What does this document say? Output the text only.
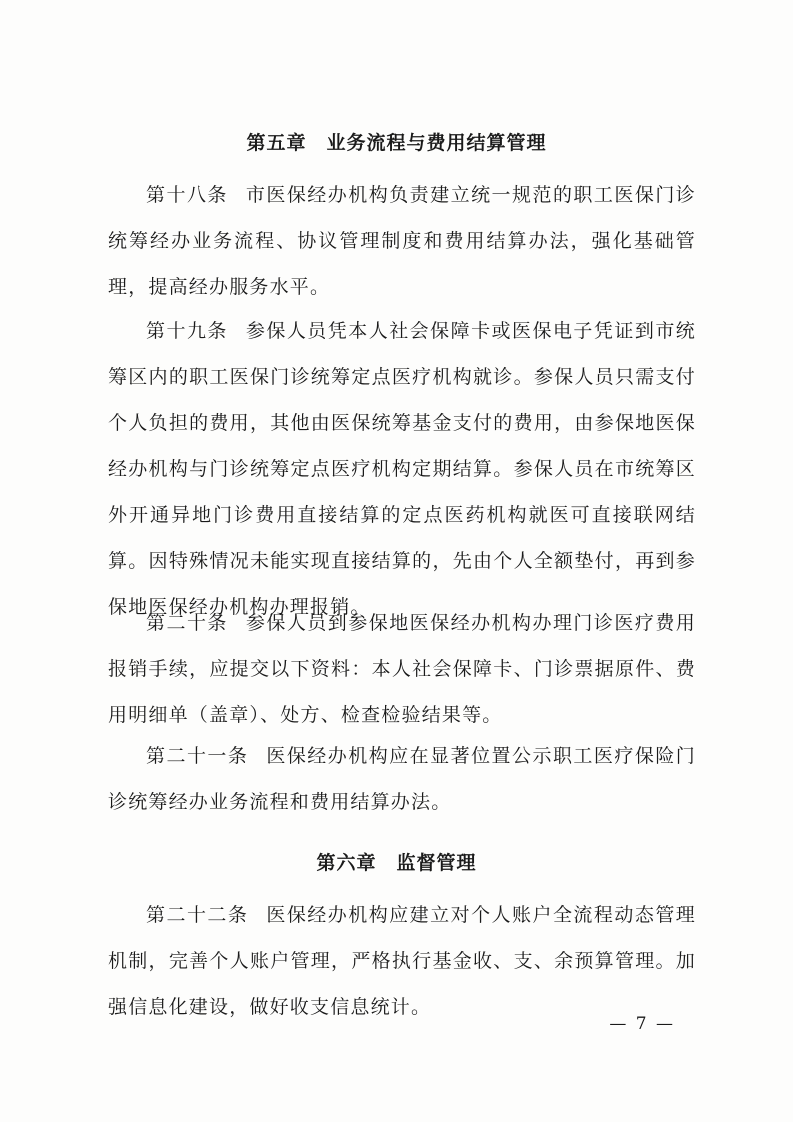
第五章 业务流程与费用结算管理
第十八条 市医保经办机构负责建立统一规范的职工医保门诊统筹经办业务流程、协议管理制度和费用结算办法，强化基础管理，提高经办服务水平。
第十九条 参保人员凭本人社会保障卡或医保电子凭证到市统筹区内的职工医保门诊统筹定点医疗机构就诊。参保人员只需支付个人负担的费用，其他由医保统筹基金支付的费用，由参保地医保经办机构与门诊统筹定点医疗机构定期结算。参保人员在市统筹区外开通异地门诊费用直接结算的定点医药机构就医可直接联网结算。因特殊情况未能实现直接结算的，先由个人全额垫付，再到参保地医保经办机构办理报销。
第二十条 参保人员到参保地医保经办机构办理门诊医疗费用报销手续，应提交以下资料：本人社会保障卡、门诊票据原件、费用明细单（盖章）、处方、检查检验结果等。
第二十一条 医保经办机构应在显著位置公示职工医疗保险门诊统筹经办业务流程和费用结算办法。
第六章 监督管理
第二十二条 医保经办机构应建立对个人账户全流程动态管理机制，完善个人账户管理，严格执行基金收、支、余预算管理。加强信息化建设，做好收支信息统计。
— 7 —
